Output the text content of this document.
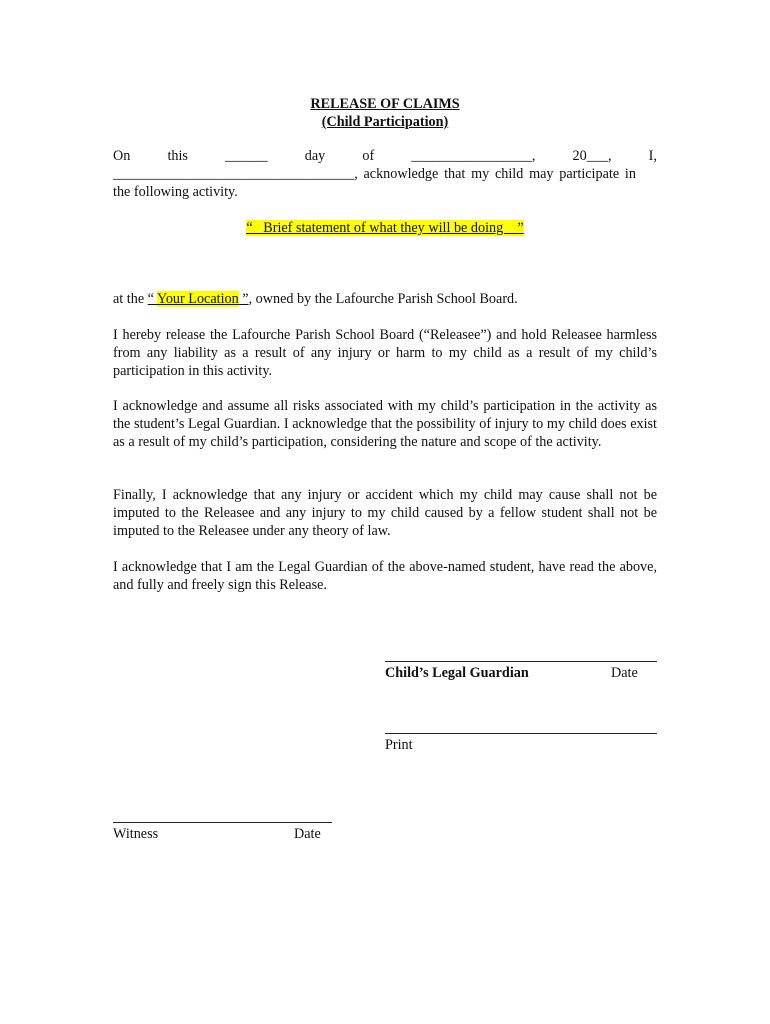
RELEASE OF CLAIMS
(Child Participation)
On	this	______	day	of	_________________,	20___,	I,
__________________________________, acknowledge that my child may participate in
the following activity.
“   Brief statement of what they will be doing    ”
at the “ Your Location ”, owned by the Lafourche Parish School Board.
I hereby release the Lafourche Parish School Board (“Releasee”) and hold Releasee harmless from any liability as a result of any injury or harm to my child as a result of my child’s participation in this activity.
I acknowledge and assume all risks associated with my child’s participation in the activity as the student’s Legal Guardian. I acknowledge that the possibility of injury to my child does exist as a result of my child’s participation, considering the nature and scope of the activity.
Finally, I acknowledge that any injury or accident which my child may cause shall not be imputed to the Releasee and any injury to my child caused by a fellow student shall not be imputed to the Releasee under any theory of law.
I acknowledge that I am the Legal Guardian of the above-named student, have read the above, and fully and freely sign this Release.
Child’s Legal Guardian	Date
Print
Witness	Date
